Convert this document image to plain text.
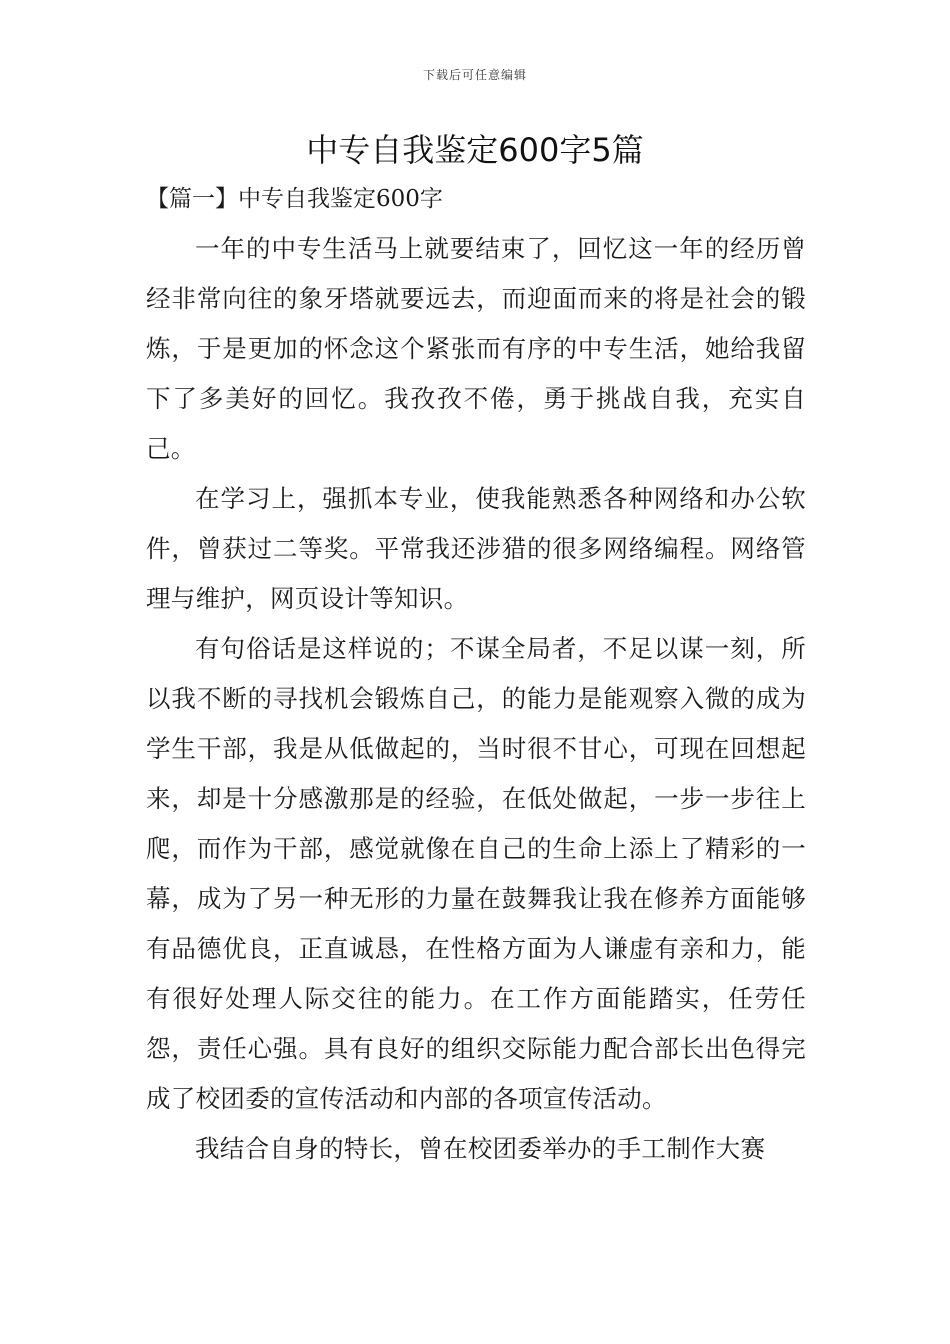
下载后可任意编辑
中专自我鉴定600字5篇
【篇一】中专自我鉴定600字

一年的中专生活马上就要结束了，回忆这一年的经历曾经非常向往的象牙塔就要远去，而迎面而来的将是社会的锻炼，于是更加的怀念这个紧张而有序的中专生活，她给我留下了多美好的回忆。我孜孜不倦，勇于挑战自我，充实自己。

在学习上，强抓本专业，使我能熟悉各种网络和办公软件，曾获过二等奖。平常我还涉猎的很多网络编程。网络管理与维护，网页设计等知识。

有句俗话是这样说的；不谋全局者，不足以谋一刻，所以我不断的寻找机会锻炼自己，的能力是能观察入微的成为学生干部，我是从低做起的，当时很不甘心，可现在回想起来，却是十分感激那是的经验，在低处做起，一步一步往上爬，而作为干部，感觉就像在自己的生命上添上了精彩的一幕，成为了另一种无形的力量在鼓舞我让我在修养方面能够有品德优良，正直诚恳，在性格方面为人谦虚有亲和力，能有很好处理人际交往的能力。在工作方面能踏实，任劳任怨，责任心强。具有良好的组织交际能力配合部长出色得完成了校团委的宣传活动和内部的各项宣传活动。

我结合自身的特长，曾在校团委举办的手工制作大赛
